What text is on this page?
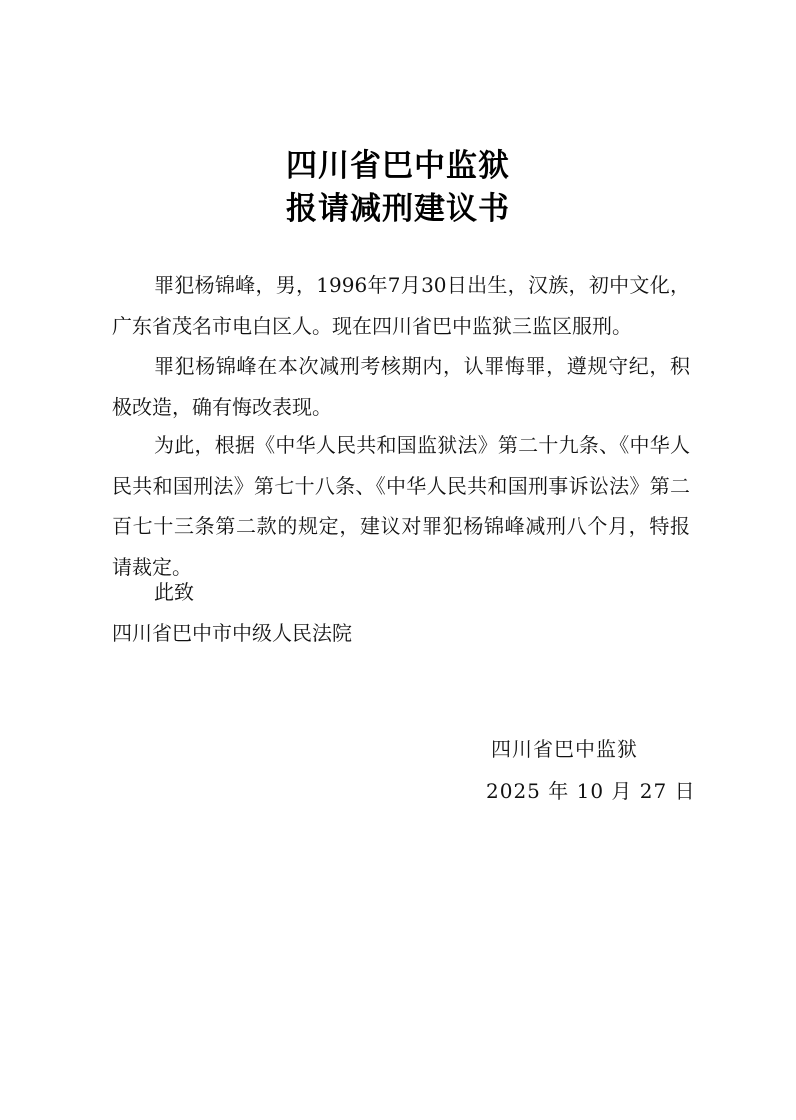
四川省巴中监狱
报请减刑建议书

罪犯杨锦峰，男，1996年7月30日出生，汉族，初中文化，广东省茂名市电白区人。现在四川省巴中监狱三监区服刑。

罪犯杨锦峰在本次减刑考核期内，认罪悔罪，遵规守纪，积极改造，确有悔改表现。

为此，根据《中华人民共和国监狱法》第二十九条、《中华人民共和国刑法》第七十八条、《中华人民共和国刑事诉讼法》第二百七十三条第二款的规定，建议对罪犯杨锦峰减刑八个月，特报请裁定。

此致
四川省巴中市中级人民法院
四川省巴中监狱
2025 年 10 月 27 日
